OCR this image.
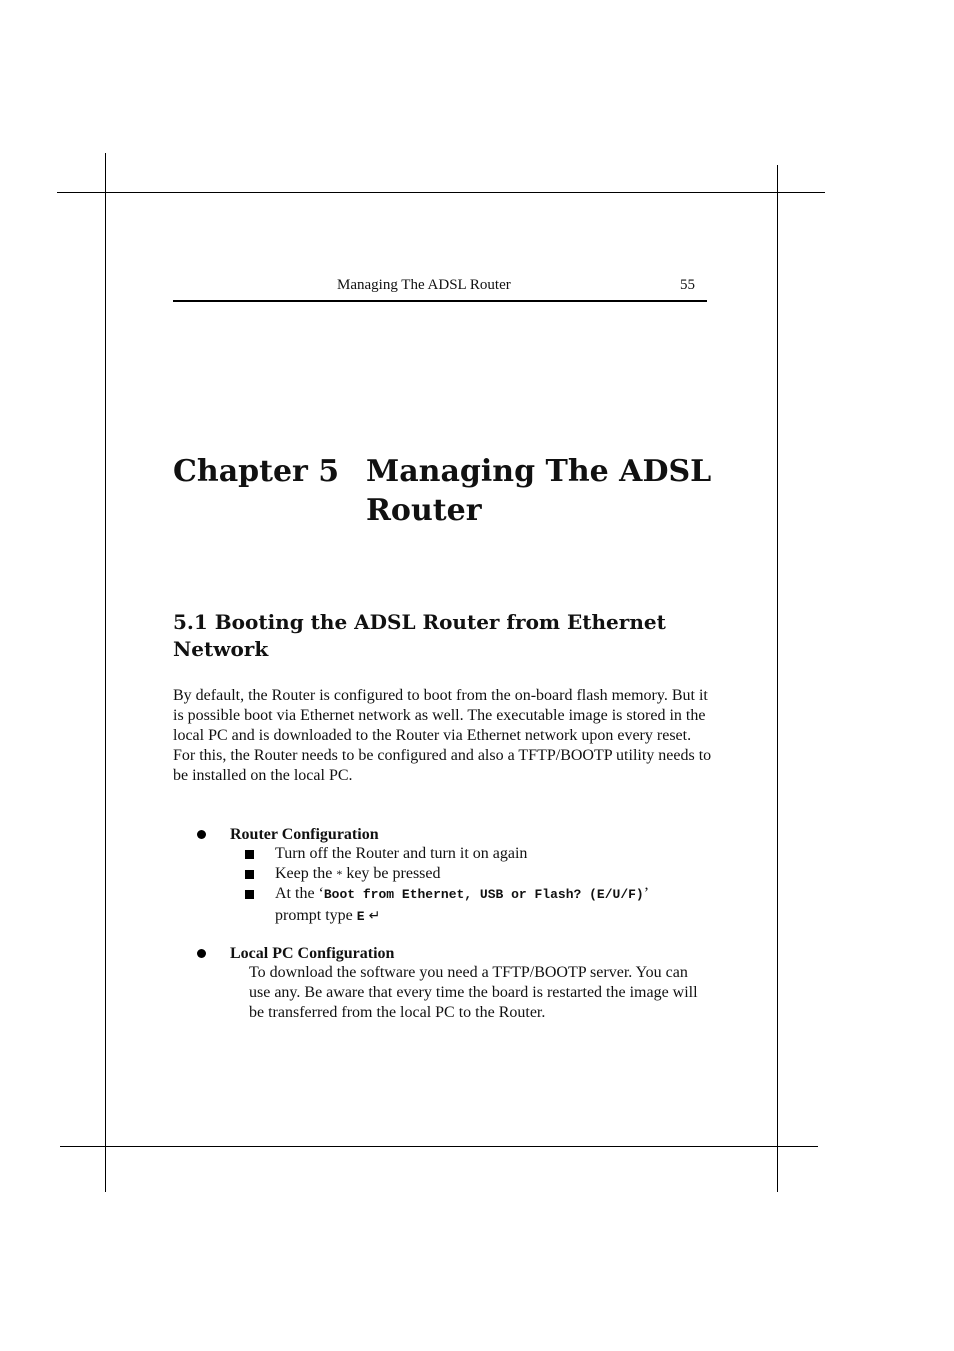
Managing The ADSL Router	55
Chapter 5 Managing The ADSL Router
5.1 Booting the ADSL Router from Ethernet Network
By default, the Router is configured to boot from the on-board flash memory. But it is possible boot via Ethernet network as well. The executable image is stored in the local PC and is downloaded to the Router via Ethernet network upon every reset. For this, the Router needs to be configured and also a TFTP/BOOTP utility needs to be installed on the local PC.
Router Configuration
Turn off the Router and turn it on again
Keep the * key be pressed
At the ‘Boot from Ethernet, USB or Flash? (E/U/F)’
prompt type E ↵
Local PC Configuration
To download the software you need a TFTP/BOOTP server. You can use any. Be aware that every time the board is restarted the image will be transferred from the local PC to the Router.
